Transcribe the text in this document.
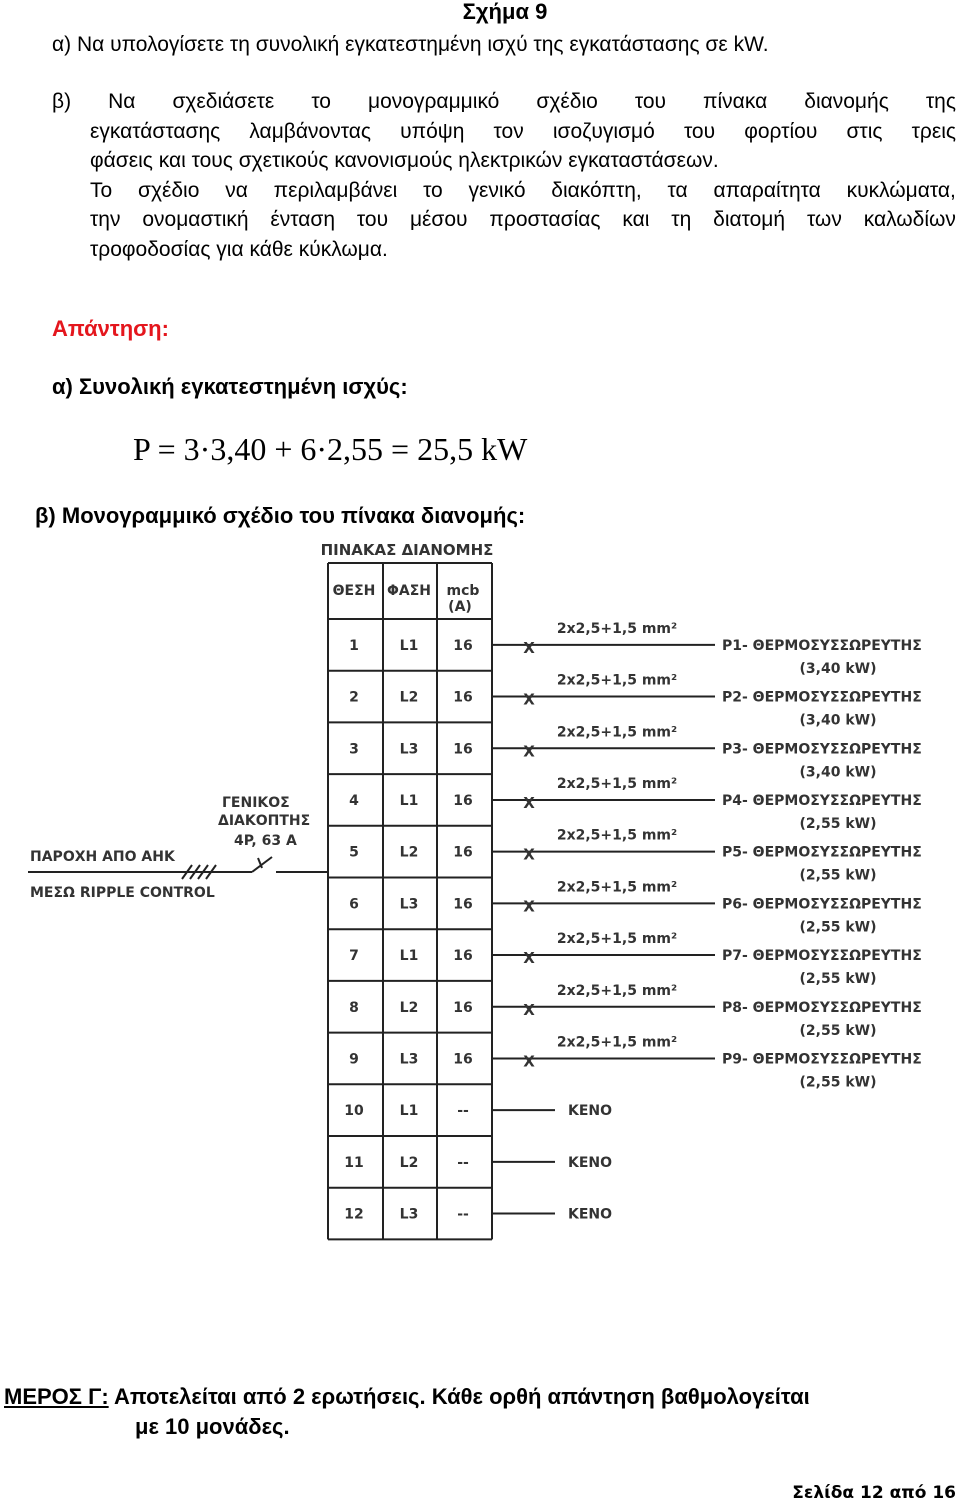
Σχήμα 9
α) Να υπολογίσετε τη συνολική εγκατεστημένη ισχύ της εγκατάστασης σε kW.
β) Να σχεδιάσετε το μονογραμμικό σχέδιο του πίνακα διανομής της
εγκατάστασης λαμβάνοντας υπόψη τον ισοζυγισμό του φορτίου στις τρεις
φάσεις και τους σχετικούς κανονισμούς ηλεκτρικών εγκαταστάσεων.
Το σχέδιο να περιλαμβάνει το γενικό διακόπτη, τα απαραίτητα κυκλώματα,
την ονομαστική ένταση του μέσου προστασίας και τη διατομή των καλωδίων
τροφοδοσίας για κάθε κύκλωμα.
Απάντηση:
α) Συνολική εγκατεστημένη ισχύς:
P = 3·3,40 + 6·2,55 = 25,5 kW
β) Μονογραμμικό σχέδιο του πίνακα διανομής:
ΠΙΝΑΚΑΣ ΔΙΑΝΟΜΗΣ
ΘΕΣΗ ΦΑΣΗ mcb
(A)
1	L1 16	X
2x2,5+1,5 mm²
P1- ΘΕΡΜΟΣΥΣΣΩΡΕΥΤΗΣ
(3,40 kW)
2	L2 16	X
2x2,5+1,5 mm²
P2- ΘΕΡΜΟΣΥΣΣΩΡΕΥΤΗΣ
(3,40 kW)
3	L3 16	X
2x2,5+1,5 mm²
P3- ΘΕΡΜΟΣΥΣΣΩΡΕΥΤΗΣ
(3,40 kW)
4	L1 16	X
2x2,5+1,5 mm²
P4- ΘΕΡΜΟΣΥΣΣΩΡΕΥΤΗΣ
(2,55 kW)
5	L2 16	X
2x2,5+1,5 mm²
P5- ΘΕΡΜΟΣΥΣΣΩΡΕΥΤΗΣ
(2,55 kW)
6	L3 16	X
2x2,5+1,5 mm²
P6- ΘΕΡΜΟΣΥΣΣΩΡΕΥΤΗΣ
(2,55 kW)
7	L1 16	X
2x2,5+1,5 mm²
P7- ΘΕΡΜΟΣΥΣΣΩΡΕΥΤΗΣ
(2,55 kW)
8	L2 16	X
2x2,5+1,5 mm²
P8- ΘΕΡΜΟΣΥΣΣΩΡΕΥΤΗΣ
(2,55 kW)
9	L3 16	X
2x2,5+1,5 mm²
P9- ΘΕΡΜΟΣΥΣΣΩΡΕΥΤΗΣ
(2,55 kW)
10	L1	--	ΚΕΝΟ
11	L2	--	ΚΕΝΟ
12	L3	--	ΚΕΝΟ
ΠΑΡΟΧΗ ΑΠΟ ΑΗΚ
ΜΕΣΩ RIPPLE CONTROL
ΓΕΝΙΚΟΣ
ΔΙΑΚΟΠΤΗΣ
4P, 63 A
ΜΕΡΟΣ Γ: Αποτελείται από 2 ερωτήσεις. Κάθε ορθή απάντηση βαθμολογείται
με 10 μονάδες.
Σελίδα 12 από 16
